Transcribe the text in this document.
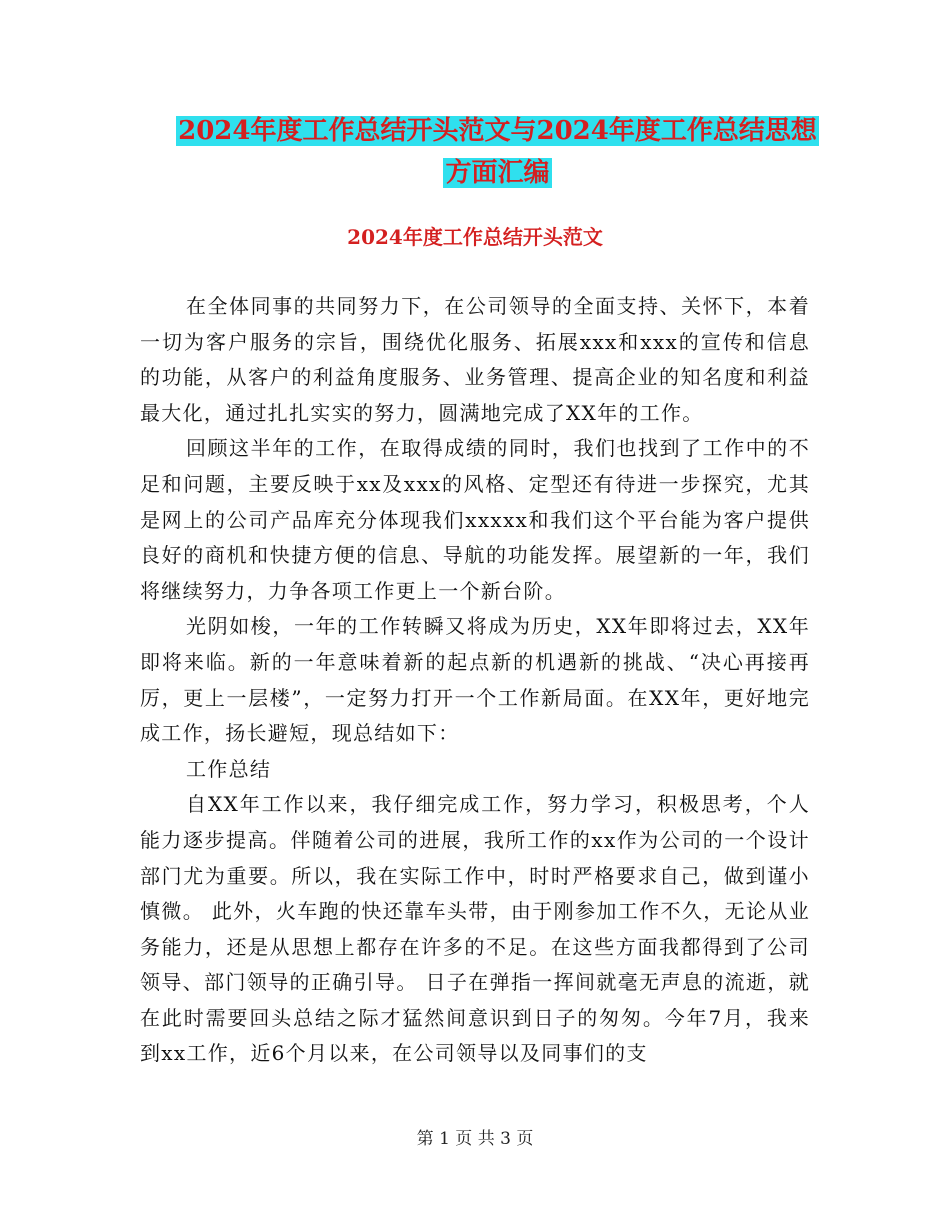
2024年度工作总结开头范文与2024年度工作总结思想
方面汇编
2024年度工作总结开头范文

在全体同事的共同努力下，在公司领导的全面支持、关怀下，本着一切为客户服务的宗旨，围绕优化服务、拓展xxx和xxx的宣传和信息的功能，从客户的利益角度服务、业务管理、提高企业的知名度和利益最大化，通过扎扎实实的努力，圆满地完成了XX年的工作。

回顾这半年的工作，在取得成绩的同时，我们也找到了工作中的不足和问题，主要反映于xx及xxx的风格、定型还有待进一步探究，尤其是网上的公司产品库充分体现我们xxxxx和我们这个平台能为客户提供良好的商机和快捷方便的信息、导航的功能发挥。展望新的一年，我们将继续努力，力争各项工作更上一个新台阶。

光阴如梭，一年的工作转瞬又将成为历史，XX年即将过去，XX年即将来临。新的一年意味着新的起点新的机遇新的挑战、“决心再接再厉，更上一层楼”，一定努力打开一个工作新局面。在XX年，更好地完成工作，扬长避短，现总结如下：

工作总结

自XX年工作以来，我仔细完成工作，努力学习，积极思考，个人能力逐步提高。伴随着公司的进展，我所工作的xx作为公司的一个设计部门尤为重要。所以，我在实际工作中，时时严格要求自己，做到谨小慎微。 此外，火车跑的快还靠车头带，由于刚参加工作不久，无论从业务能力，还是从思想上都存在许多的不足。在这些方面我都得到了公司领导、部门领导的正确引导。 日子在弹指一挥间就毫无声息的流逝，就在此时需要回头总结之际才猛然间意识到日子的匆匆。今年7月，我来到xx工作，近6个月以来，在公司领导以及同事们的支

第 1 页 共 3 页
